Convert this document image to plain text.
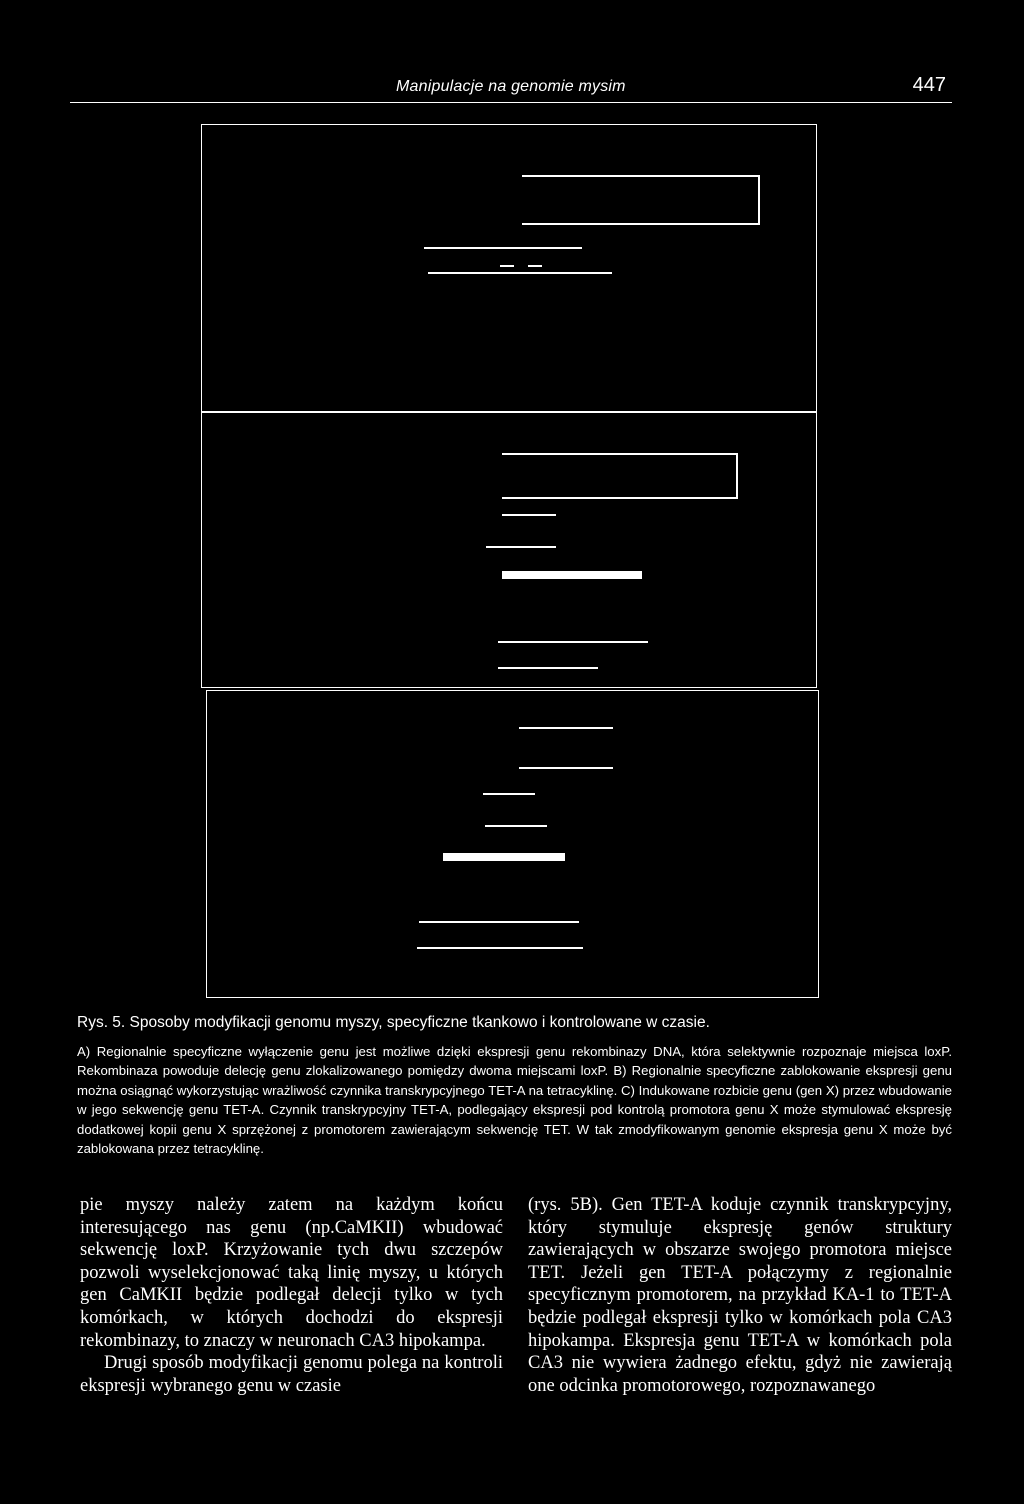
Manipulacje na genomie mysim	447
Rys. 5. Sposoby modyfikacji genomu myszy, specyficzne tkankowo i kontrolowane w czasie.
A) Regionalnie specyficzne wyłączenie genu jest możliwe dzięki ekspresji genu rekombinazy DNA, która selektywnie rozpoznaje miejsca loxP. Rekombinaza powoduje delecję genu zlokalizowanego pomiędzy dwoma miejscami loxP. B) Regionalnie specyficzne zablokowanie ekspresji genu można osiągnąć wykorzystując wrażliwość czynnika transkrypcyjnego TET-A na tetracyklinę. C) Indukowane rozbicie genu (gen X) przez wbudowanie w jego sekwencję genu TET-A. Czynnik transkrypcyjny TET-A, podlegający ekspresji pod kontrolą promotora genu X może stymulować ekspresję dodatkowej kopii genu X sprzężonej z promotorem zawierającym sekwencję TET. W tak zmodyfikowanym genomie ekspresja genu X może być zablokowana przez tetracyklinę.

pie myszy należy zatem na każdym końcu interesującego nas genu (np.CaMKII) wbudować sekwencję loxP. Krzyżowanie tych dwu szczepów pozwoli wyselekcjonować taką linię myszy, u których gen CaMKII będzie podlegał delecji tylko w tych komórkach, w których dochodzi do ekspresji rekombinazy, to znaczy w neuronach CA3 hipokampa.

Drugi sposób modyfikacji genomu polega na kontroli ekspresji wybranego genu w czasie

(rys. 5B). Gen TET-A koduje czynnik transkrypcyjny, który stymuluje ekspresję genów struktury zawierających w obszarze swojego promotora miejsce TET. Jeżeli gen TET-A połączymy z regionalnie specyficznym promotorem, na przykład KA-1 to TET-A będzie podlegał ekspresji tylko w komórkach pola CA3 hipokampa. Ekspresja genu TET-A w komórkach pola CA3 nie wywiera żadnego efektu, gdyż nie zawierają one odcinka promotorowego, rozpoznawanego
